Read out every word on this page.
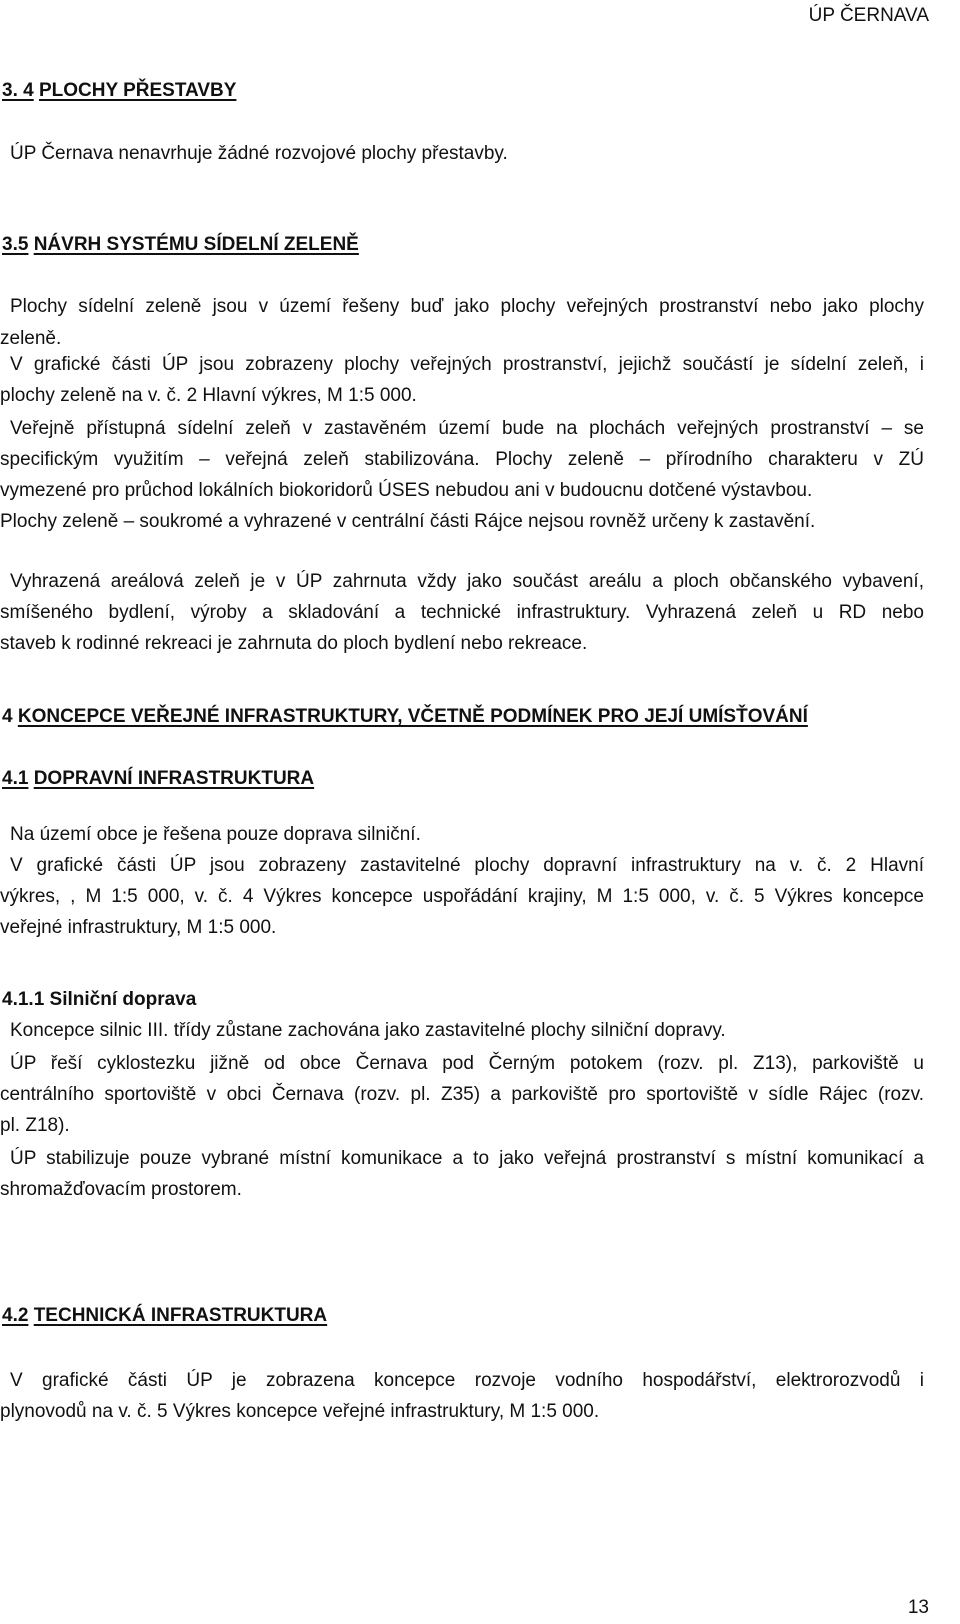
ÚP ČERNAVA
3. 4 PLOCHY PŘESTAVBY
ÚP Černava nenavrhuje žádné rozvojové plochy přestavby.
3.5 NÁVRH SYSTÉMU SÍDELNÍ ZELENĚ
Plochy sídelní zeleně jsou v území řešeny buď jako plochy veřejných prostranství nebo jako plochy
zeleně.
V grafické části ÚP jsou zobrazeny plochy veřejných prostranství, jejichž součástí je sídelní zeleň, i
plochy zeleně na v. č. 2 Hlavní výkres, M 1:5 000.
Veřejně přístupná sídelní zeleň v zastavěném území bude na plochách veřejných prostranství – se
specifickým využitím – veřejná zeleň stabilizována. Plochy zeleně – přírodního charakteru v ZÚ
vymezené pro průchod lokálních biokoridorů ÚSES nebudou ani v budoucnu dotčené výstavbou.
Plochy zeleně – soukromé a vyhrazené v centrální části Rájce nejsou rovněž určeny k zastavění.
Vyhrazená areálová zeleň je v ÚP zahrnuta vždy jako součást areálu a ploch občanského vybavení,
smíšeného bydlení, výroby a skladování a technické infrastruktury. Vyhrazená zeleň u RD nebo
staveb k rodinné rekreaci je zahrnuta do ploch bydlení nebo rekreace.
4 KONCEPCE VEŘEJNÉ INFRASTRUKTURY, VČETNĚ PODMÍNEK PRO JEJÍ UMÍSŤOVÁNÍ
4.1 DOPRAVNÍ INFRASTRUKTURA
Na území obce je řešena pouze doprava silniční.
V grafické části ÚP jsou zobrazeny zastavitelné plochy dopravní infrastruktury na v. č. 2 Hlavní
výkres, , M 1:5 000, v. č. 4 Výkres koncepce uspořádání krajiny, M 1:5 000, v. č. 5 Výkres koncepce
veřejné infrastruktury, M 1:5 000.
4.1.1 Silniční doprava
Koncepce silnic III. třídy zůstane zachována jako zastavitelné plochy silniční dopravy.
ÚP řeší cyklostezku jižně od obce Černava pod Černým potokem (rozv. pl. Z13), parkoviště u
centrálního sportoviště v obci Černava (rozv. pl. Z35) a parkoviště pro sportoviště v sídle Rájec (rozv.
pl. Z18).
ÚP stabilizuje pouze vybrané místní komunikace a to jako veřejná prostranství s místní komunikací a
shromažďovacím prostorem.
4.2 TECHNICKÁ INFRASTRUKTURA
V grafické části ÚP je zobrazena koncepce rozvoje vodního hospodářství, elektrorozvodů i
plynovodů na v. č. 5 Výkres koncepce veřejné infrastruktury, M 1:5 000.
13
